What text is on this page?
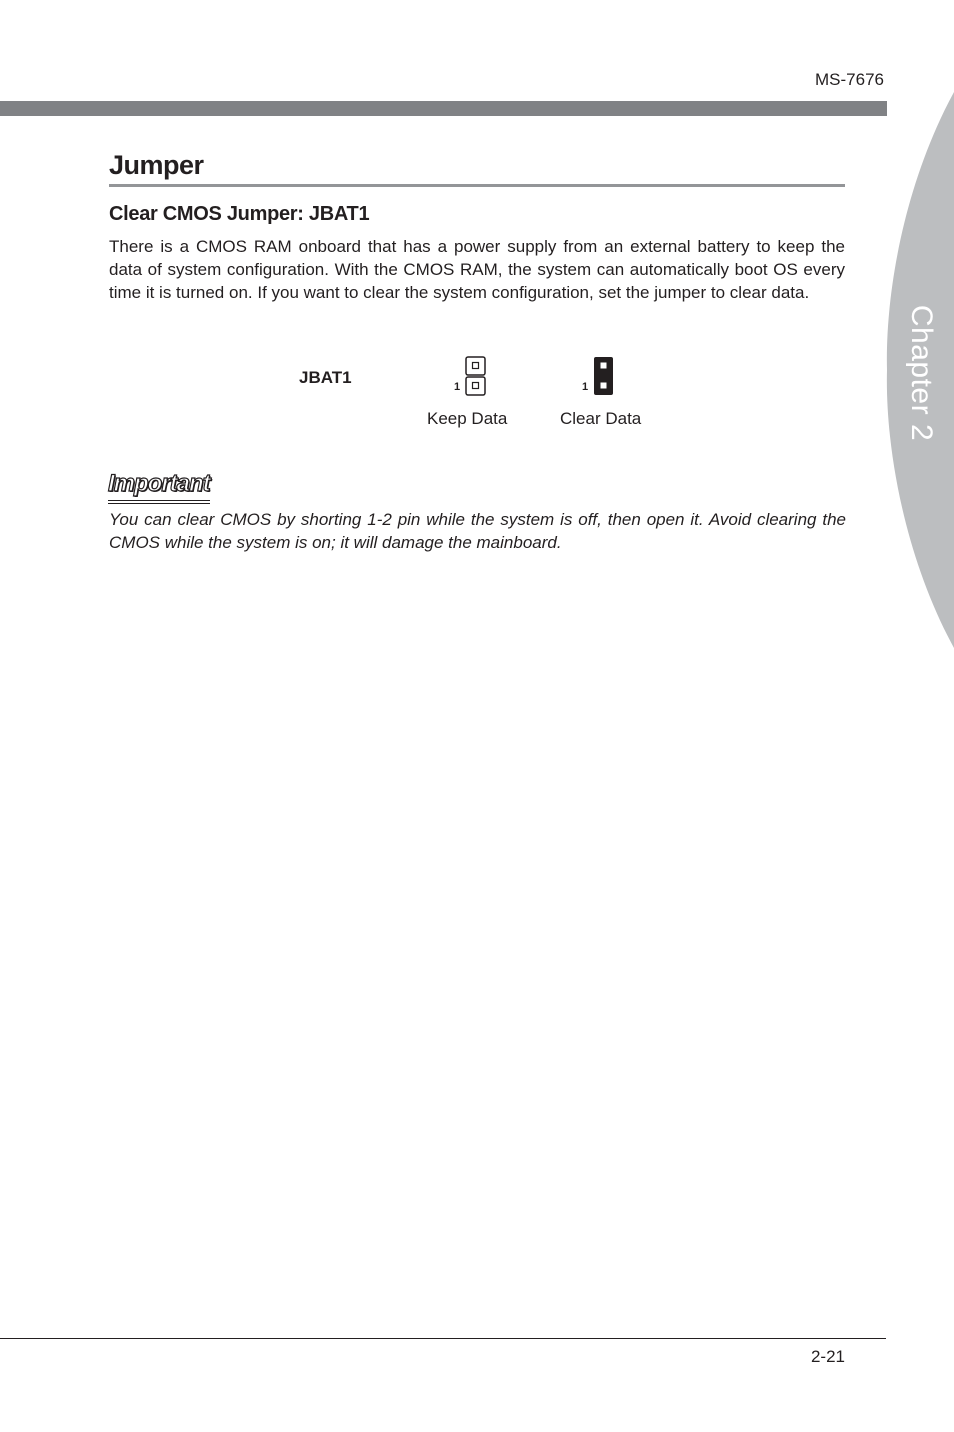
MS-7676
Chapter 2
Jumper
Clear CMOS Jumper: JBAT1

There is a CMOS RAM onboard that has a power supply from an external battery to keep the data of system configuration. With the CMOS RAM, the system can automatically boot OS every time it is turned on. If you want to clear the system configuration, set the jumper to clear data.

JBAT1	1
Keep Data
1
Clear Data
Important

You can clear CMOS by shorting 1-2 pin while the system is off, then open it. Avoid clearing the CMOS while the system is on; it will damage the mainboard.

2-21
